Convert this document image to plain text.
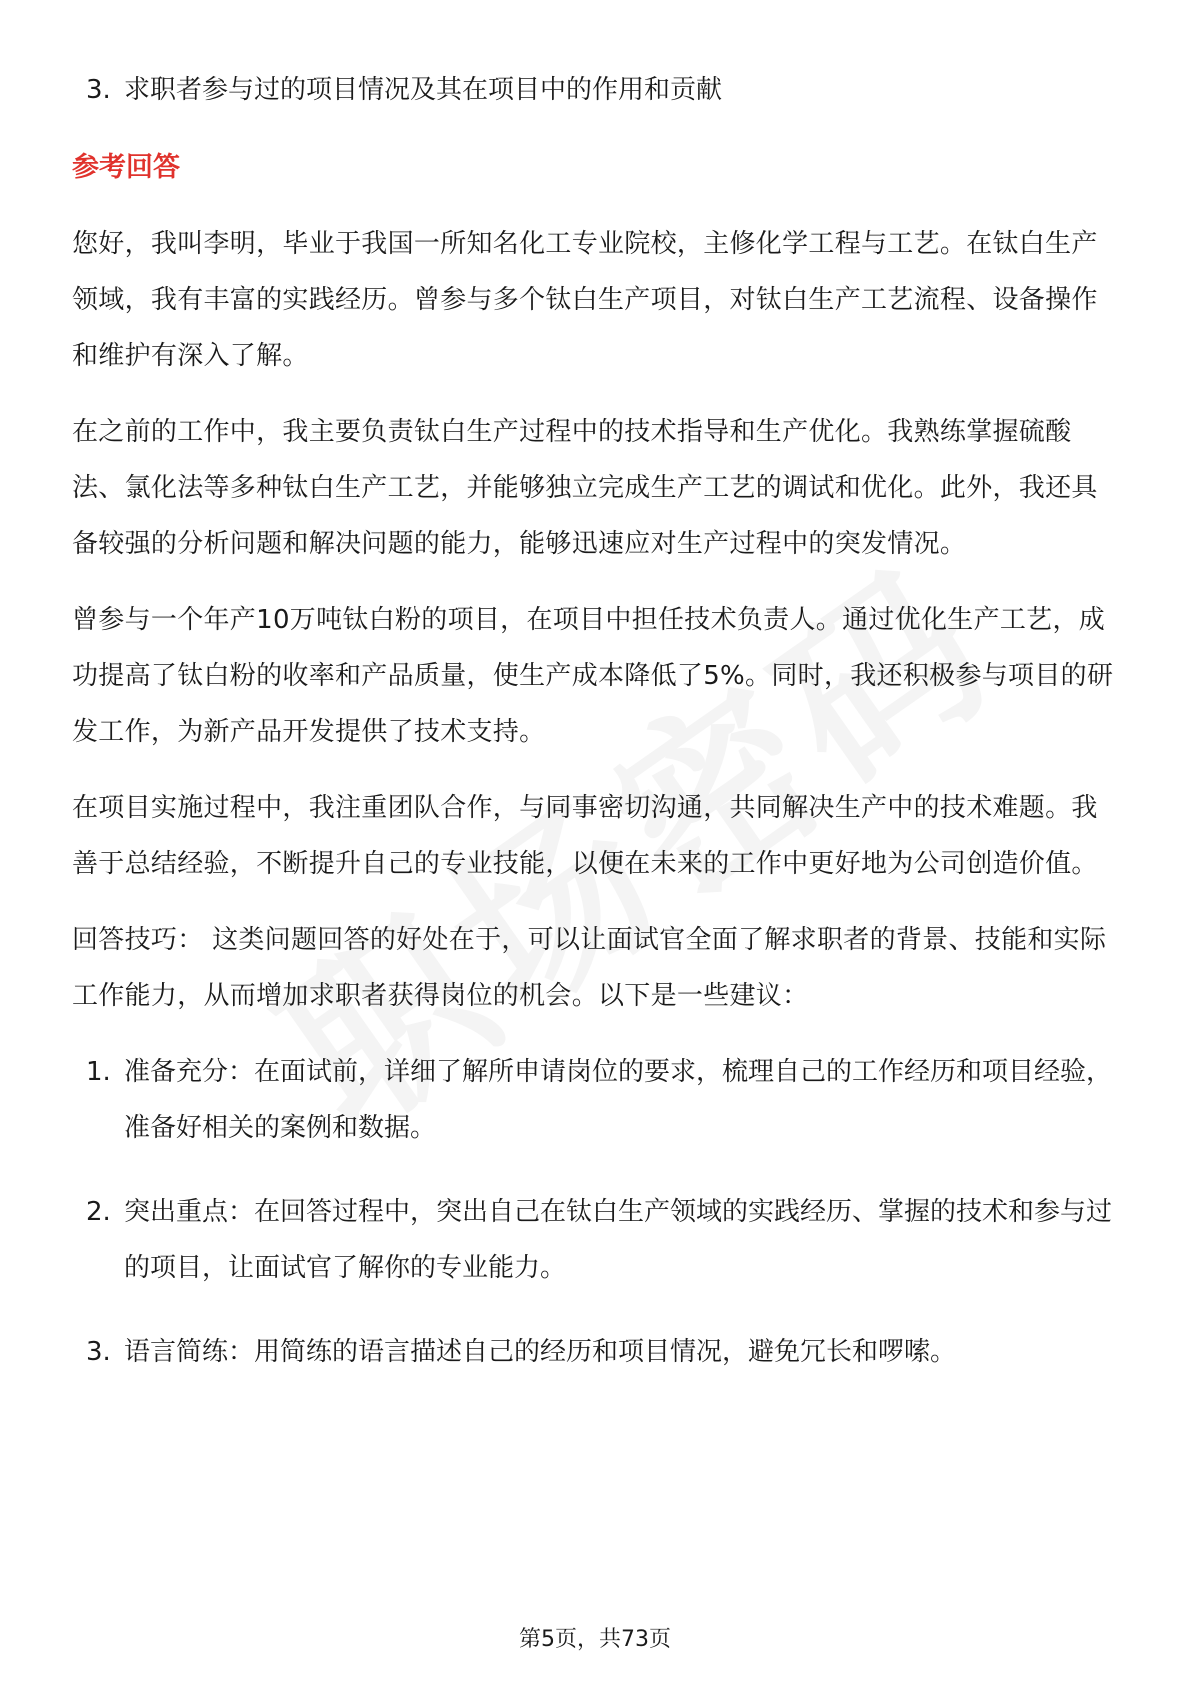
3. 求职者参与过的项目情况及其在项目中的作用和贡献
参考回答
您好，我叫李明，毕业于我国一所知名化工专业院校，主修化学工程与工艺。在钛白生产领域，我有丰富的实践经历。曾参与多个钛白生产项目，对钛白生产工艺流程、设备操作和维护有深入了解。
在之前的工作中，我主要负责钛白生产过程中的技术指导和生产优化。我熟练掌握硫酸法、氯化法等多种钛白生产工艺，并能够独立完成生产工艺的调试和优化。此外，我还具备较强的分析问题和解决问题的能力，能够迅速应对生产过程中的突发情况。
曾参与一个年产10万吨钛白粉的项目，在项目中担任技术负责人。通过优化生产工艺，成功提高了钛白粉的收率和产品质量，使生产成本降低了5%。同时，我还积极参与项目的研发工作，为新产品开发提供了技术支持。
在项目实施过程中，我注重团队合作，与同事密切沟通，共同解决生产中的技术难题。我善于总结经验，不断提升自己的专业技能，以便在未来的工作中更好地为公司创造价值。
回答技巧： 这类问题回答的好处在于，可以让面试官全面了解求职者的背景、技能和实际工作能力，从而增加求职者获得岗位的机会。以下是一些建议：
1. 准备充分：在面试前，详细了解所申请岗位的要求，梳理自己的工作经历和项目经验，准备好相关的案例和数据。
2. 突出重点：在回答过程中，突出自己在钛白生产领域的实践经历、掌握的技术和参与过的项目，让面试官了解你的专业能力。
3. 语言简练：用简练的语言描述自己的经历和项目情况，避免冗长和啰嗦。
第5页，共73页
